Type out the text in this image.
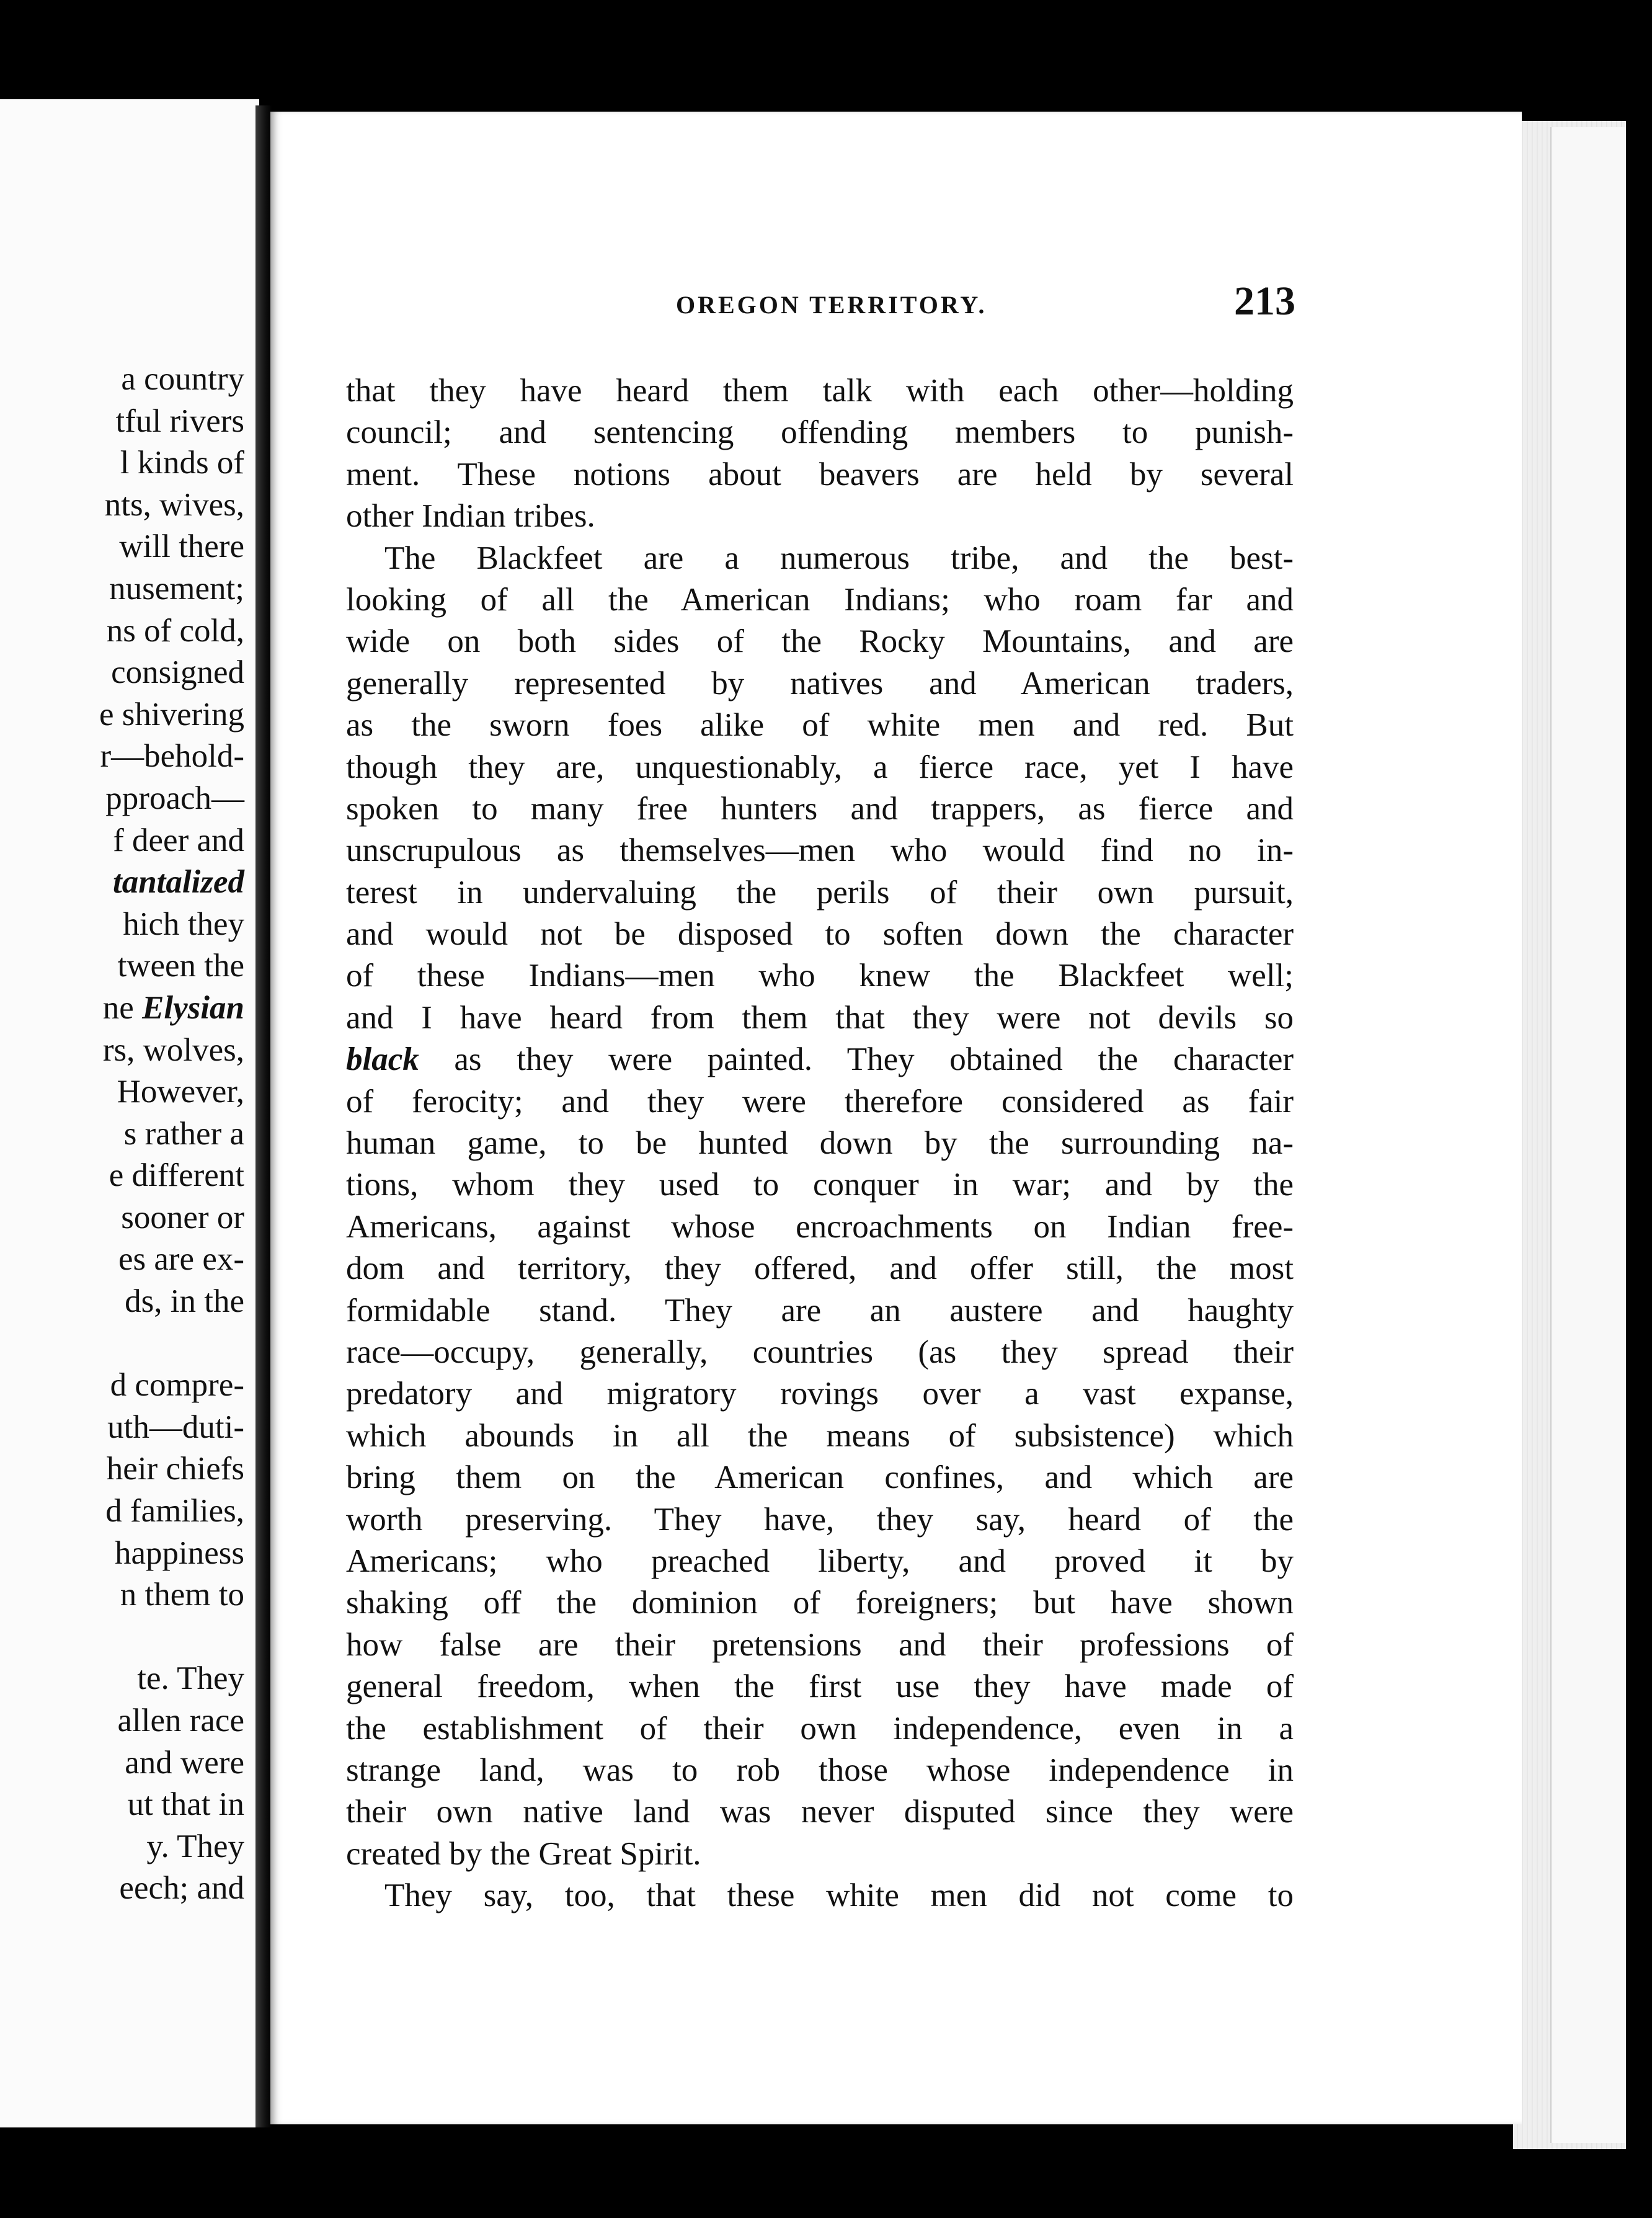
a country
tful rivers
l kinds of
nts, wives,
will there
nusement;
ns of cold,
consigned
e shivering
r—behold-
pproach—
f deer and
tantalized
hich they
tween the
ne Elysian
rs, wolves,
However,
s rather a
e different
sooner or
es are ex-
ds, in the
d compre-
uth—duti-
heir chiefs
d families,
happiness
n them to
te. They
allen race
and were
ut that in
y. They
eech; and
OREGON TERRITORY.	213
that they have heard them talk with each other—holding
council; and sentencing offending members to punish-
ment. These notions about beavers are held by several
other Indian tribes.
The Blackfeet are a numerous tribe, and the best-
looking of all the American Indians; who roam far and
wide on both sides of the Rocky Mountains, and are
generally represented by natives and American traders,
as the sworn foes alike of white men and red. But
though they are, unquestionably, a fierce race, yet I have
spoken to many free hunters and trappers, as fierce and
unscrupulous as themselves—men who would find no in-
terest in undervaluing the perils of their own pursuit,
and would not be disposed to soften down the character
of these Indians—men who knew the Blackfeet well;
and I have heard from them that they were not devils so
black as they were painted. They obtained the character
of ferocity; and they were therefore considered as fair
human game, to be hunted down by the surrounding na-
tions, whom they used to conquer in war; and by the
Americans, against whose encroachments on Indian free-
dom and territory, they offered, and offer still, the most
formidable stand. They are an austere and haughty
race—occupy, generally, countries (as they spread their
predatory and migratory rovings over a vast expanse,
which abounds in all the means of subsistence) which
bring them on the American confines, and which are
worth preserving. They have, they say, heard of the
Americans; who preached liberty, and proved it by
shaking off the dominion of foreigners; but have shown
how false are their pretensions and their professions of
general freedom, when the first use they have made of
the establishment of their own independence, even in a
strange land, was to rob those whose independence in
their own native land was never disputed since they were
created by the Great Spirit.
They say, too, that these white men did not come to
